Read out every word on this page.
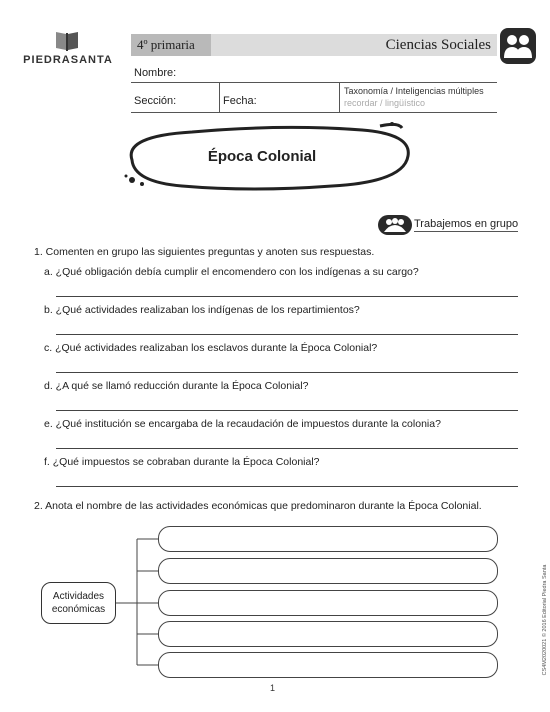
PIEDRASANTA
4º primaria	Ciencias Sociales
Nombre:
Sección:	Fecha:
Taxonomía / Inteligencias múltiples
recordar / lingüístico
Época Colonial
Trabajemos en grupo
1. Comenten en grupo las siguientes preguntas y anoten sus respuestas.
a. ¿Qué obligación debía cumplir el encomendero con los indígenas a su cargo?
b. ¿Qué actividades realizaban los indígenas de los repartimientos?
c. ¿Qué actividades realizaban los esclavos durante la Época Colonial?
d. ¿A qué se llamó reducción durante la Época Colonial?
e. ¿Qué institución se encargaba de la recaudación de impuestos durante la colonia?
f. ¿Qué impuestos se cobraban durante la Época Colonial?
2. Anota el nombre de las actividades económicas que predominaron durante la Época Colonial.
Actividades
económicas
1
CS4M2020021 © 2016 Editorial Piedra Santa
